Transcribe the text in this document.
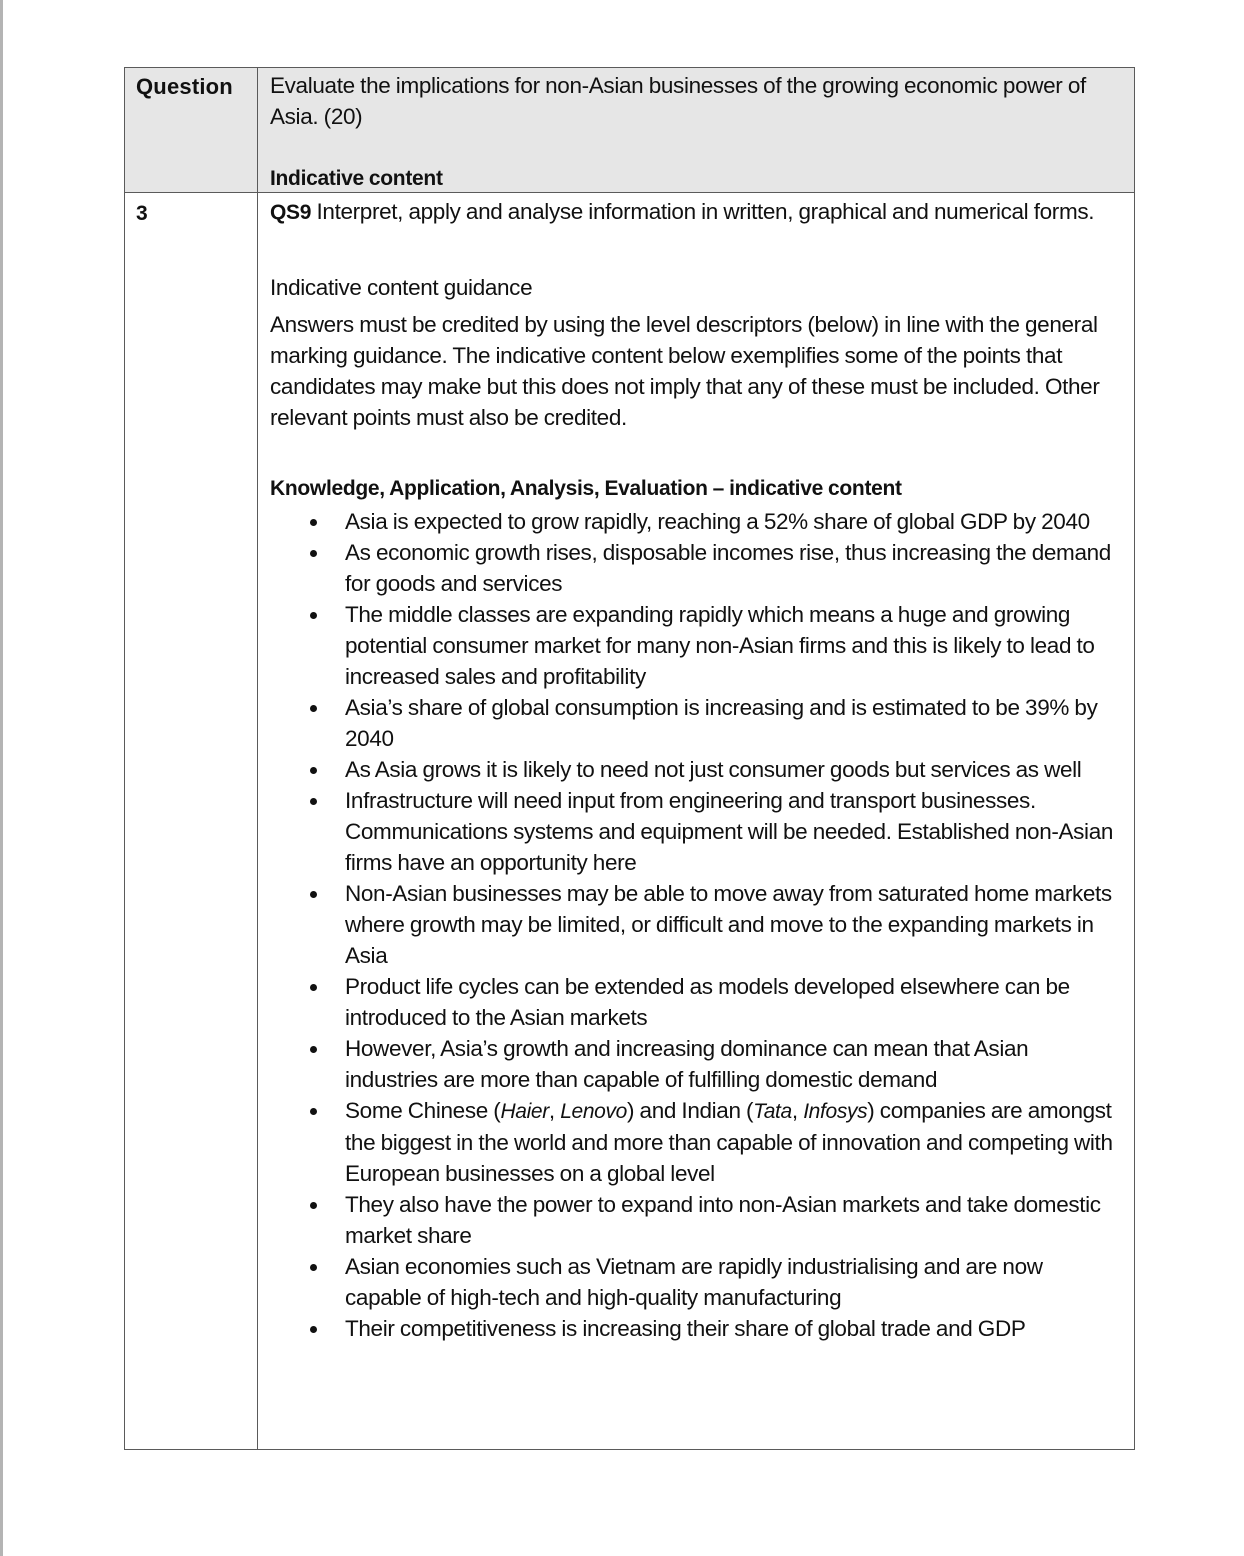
Question	Evaluate the implications for non-Asian businesses of the growing economic power of Asia. (20)

Indicative content

3	QS9 Interpret, apply and analyse information in written, graphical and numerical forms.

Indicative content guidance

Answers must be credited by using the level descriptors (below) in line with the general marking guidance. The indicative content below exemplifies some of the points that candidates may make but this does not imply that any of these must be included. Other relevant points must also be credited.

Knowledge, Application, Analysis, Evaluation – indicative content

Asia is expected to grow rapidly, reaching a 52% share of global GDP by 2040
As economic growth rises, disposable incomes rise, thus increasing the demand for goods and services
The middle classes are expanding rapidly which means a huge and growing potential consumer market for many non-Asian firms and this is likely to lead to increased sales and profitability
Asia’s share of global consumption is increasing and is estimated to be 39% by 2040
As Asia grows it is likely to need not just consumer goods but services as well
Infrastructure will need input from engineering and transport businesses. Communications systems and equipment will be needed. Established non-Asian firms have an opportunity here
Non-Asian businesses may be able to move away from saturated home markets where growth may be limited, or difficult and move to the expanding markets in Asia
Product life cycles can be extended as models developed elsewhere can be introduced to the Asian markets
However, Asia’s growth and increasing dominance can mean that Asian industries are more than capable of fulfilling domestic demand
Some Chinese (Haier, Lenovo) and Indian (Tata, Infosys) companies are amongst the biggest in the world and more than capable of innovation and competing with European businesses on a global level
They also have the power to expand into non-Asian markets and take domestic market share
Asian economies such as Vietnam are rapidly industrialising and are now capable of high-tech and high-quality manufacturing
Their competitiveness is increasing their share of global trade and GDP
